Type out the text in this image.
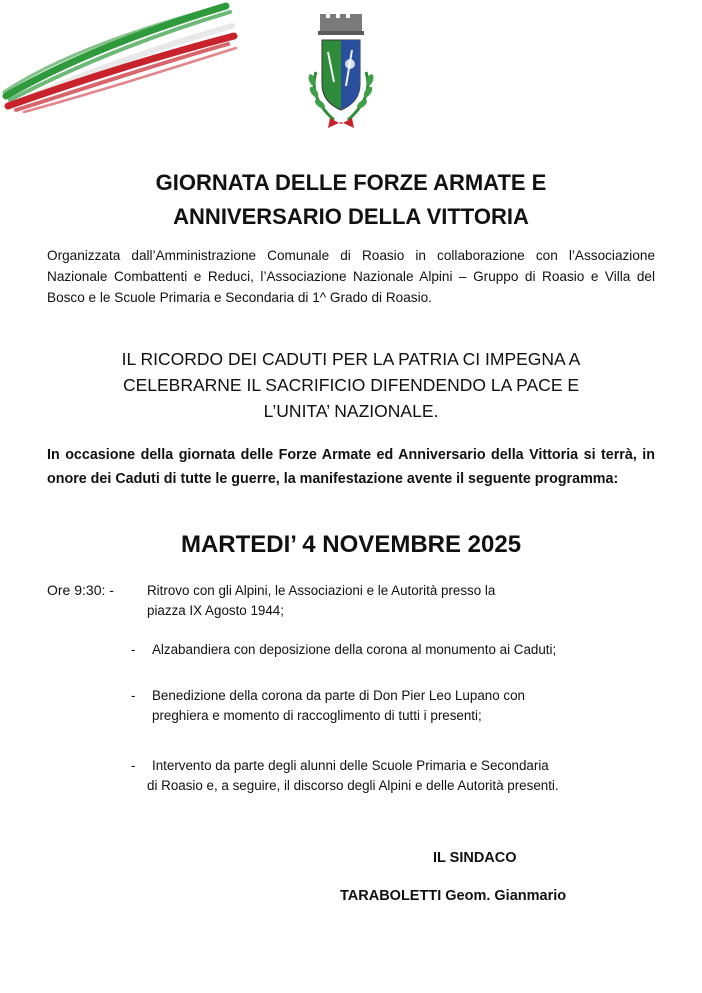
GIORNATA DELLE FORZE ARMATE E
ANNIVERSARIO DELLA VITTORIA

Organizzata dall’Amministrazione Comunale di Roasio in collaborazione con l’Associazione Nazionale Combattenti e Reduci, l’Associazione Nazionale Alpini – Gruppo di Roasio e Villa del Bosco e le Scuole Primaria e Secondaria di 1^ Grado di Roasio.

IL RICORDO DEI CADUTI PER LA PATRIA CI IMPEGNA A
CELEBRARNE IL SACRIFICIO DIFENDENDO LA PACE E
L’UNITA’ NAZIONALE.

In occasione della giornata delle Forze Armate ed Anniversario della Vittoria si terrà, in onore dei Caduti di tutte le guerre, la manifestazione avente il seguente programma:

MARTEDI’ 4 NOVEMBRE 2025
Ore 9:30: - Ritrovo con gli Alpini, le Associazioni e le Autorità presso la
piazza IX Agosto 1944;
- Alzabandiera con deposizione della corona al monumento ai Caduti;
- Benedizione della corona da parte di Don Pier Leo Lupano con
preghiera e momento di raccoglimento di tutti i presenti;
- Intervento da parte degli alunni delle Scuole Primaria e Secondaria
di Roasio e, a seguire, il discorso degli Alpini e delle Autorità presenti.
IL SINDACO
TARABOLETTI Geom. Gianmario
